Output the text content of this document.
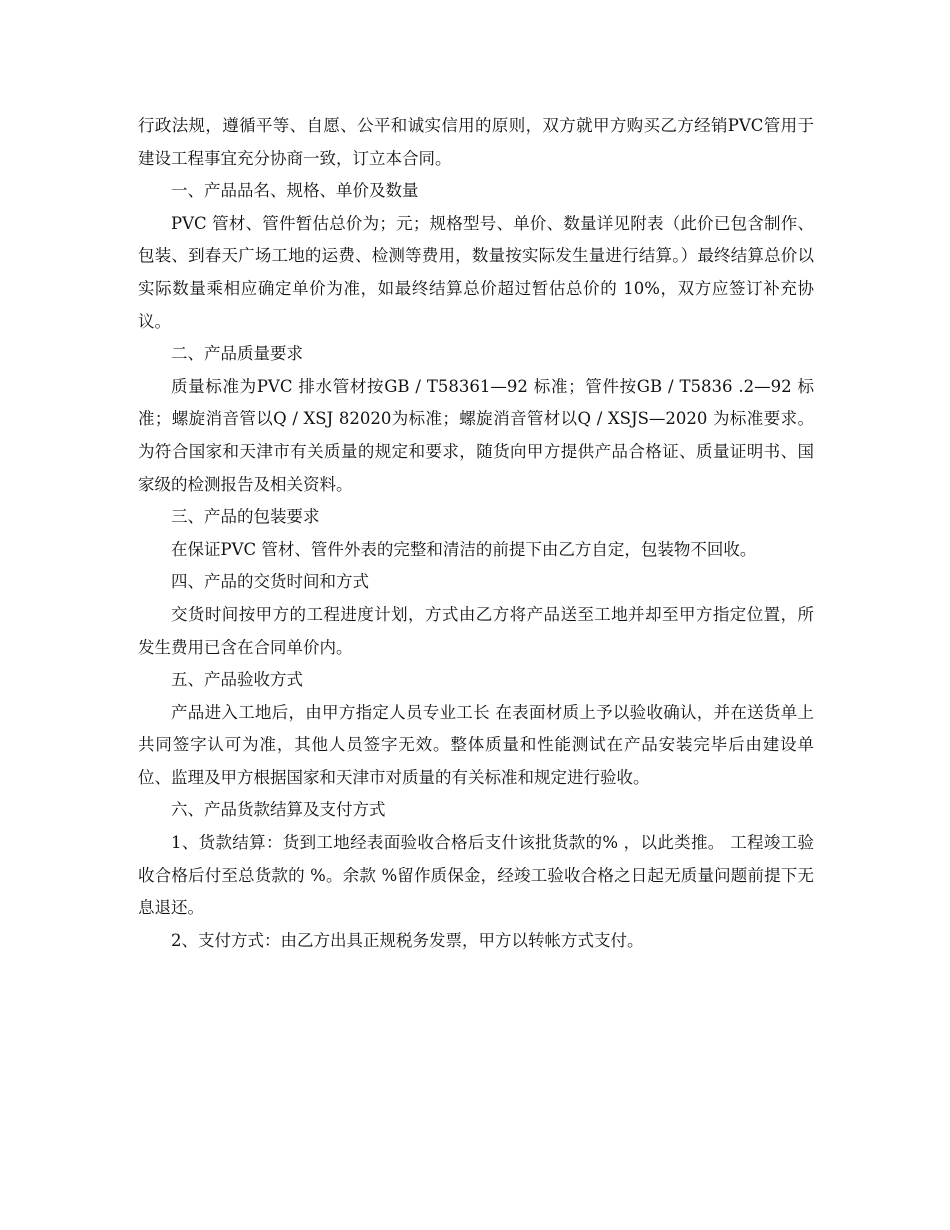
行政法规，遵循平等、自愿、公平和诚实信用的原则，双方就甲方购买乙方经销PVC管用于建设工程事宜充分协商一致，订立本合同。

一、产品品名、规格、单价及数量

PVC 管材、管件暂估总价为；元；规格型号、单价、数量详见附表（此价已包含制作、包装、到春天广场工地的运费、检测等费用，数量按实际发生量进行结算。）最终结算总价以实际数量乘相应确定单价为准，如最终结算总价超过暂估总价的 10%，双方应签订补充协议。

二、产品质量要求

质量标准为PVC 排水管材按GB / T58361—92 标准；管件按GB / T5836 .2—92 标准；螺旋消音管以Q / XSJ 82020为标准；螺旋消音管材以Q / XSJS—2020 为标准要求。为符合国家和天津市有关质量的规定和要求，随货向甲方提供产品合格证、质量证明书、国家级的检测报告及相关资料。

三、产品的包装要求

在保证PVC 管材、管件外表的完整和清洁的前提下由乙方自定，包装物不回收。

四、产品的交货时间和方式

交货时间按甲方的工程进度计划，方式由乙方将产品送至工地并却至甲方指定位置，所发生费用已含在合同单价内。

五、产品验收方式

产品进入工地后，由甲方指定人员专业工长 在表面材质上予以验收确认，并在送货单上共同签字认可为准，其他人员签字无效。整体质量和性能测试在产品安装完毕后由建设单位、监理及甲方根据国家和天津市对质量的有关标准和规定进行验收。

六、产品货款结算及支付方式

1、货款结算：货到工地经表面验收合格后支什该批货款的% ，以此类推。 工程竣工验收合格后付至总货款的 %。余款 %留作质保金，经竣工验收合格之日起无质量问题前提下无息退还。

2、支付方式：由乙方出具正规税务发票，甲方以转帐方式支付。
